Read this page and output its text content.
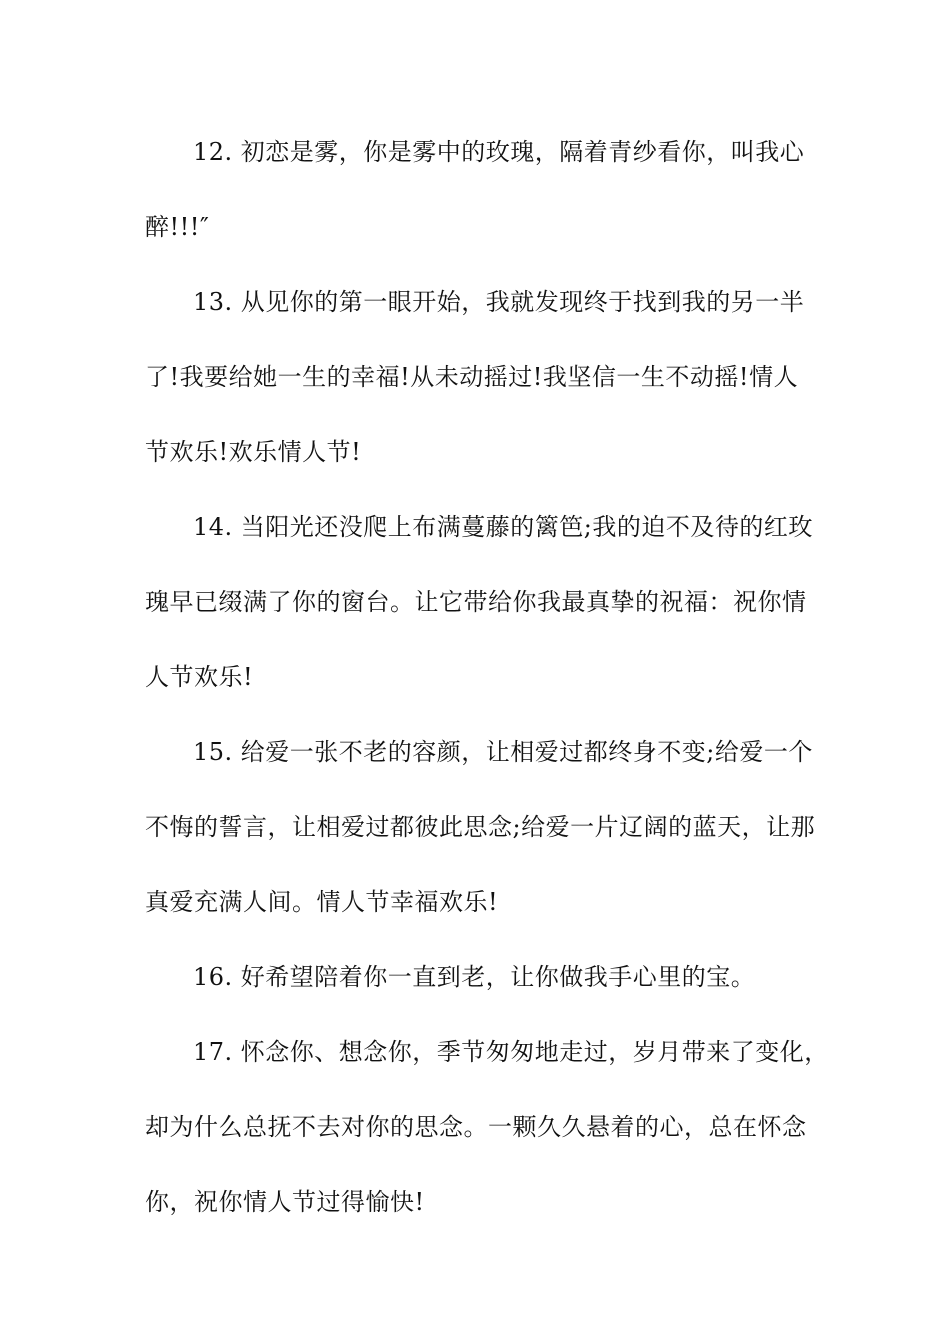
12. 初恋是雾，你是雾中的玫瑰，隔着青纱看你，叫我心
醉!!!″
13. 从见你的第一眼开始，我就发现终于找到我的另一半
了!我要给她一生的幸福!从未动摇过!我坚信一生不动摇!情人
节欢乐!欢乐情人节!
14. 当阳光还没爬上布满蔓藤的篱笆;我的迫不及待的红玫
瑰早已缀满了你的窗台。让它带给你我最真挚的祝福：祝你情
人节欢乐!
15. 给爱一张不老的容颜，让相爱过都终身不变;给爱一个
不悔的誓言，让相爱过都彼此思念;给爱一片辽阔的蓝天，让那
真爱充满人间。情人节幸福欢乐!
16. 好希望陪着你一直到老，让你做我手心里的宝。
17. 怀念你、想念你，季节匆匆地走过，岁月带来了变化，
却为什么总抚不去对你的思念。一颗久久悬着的心，总在怀念
你，祝你情人节过得愉快!
